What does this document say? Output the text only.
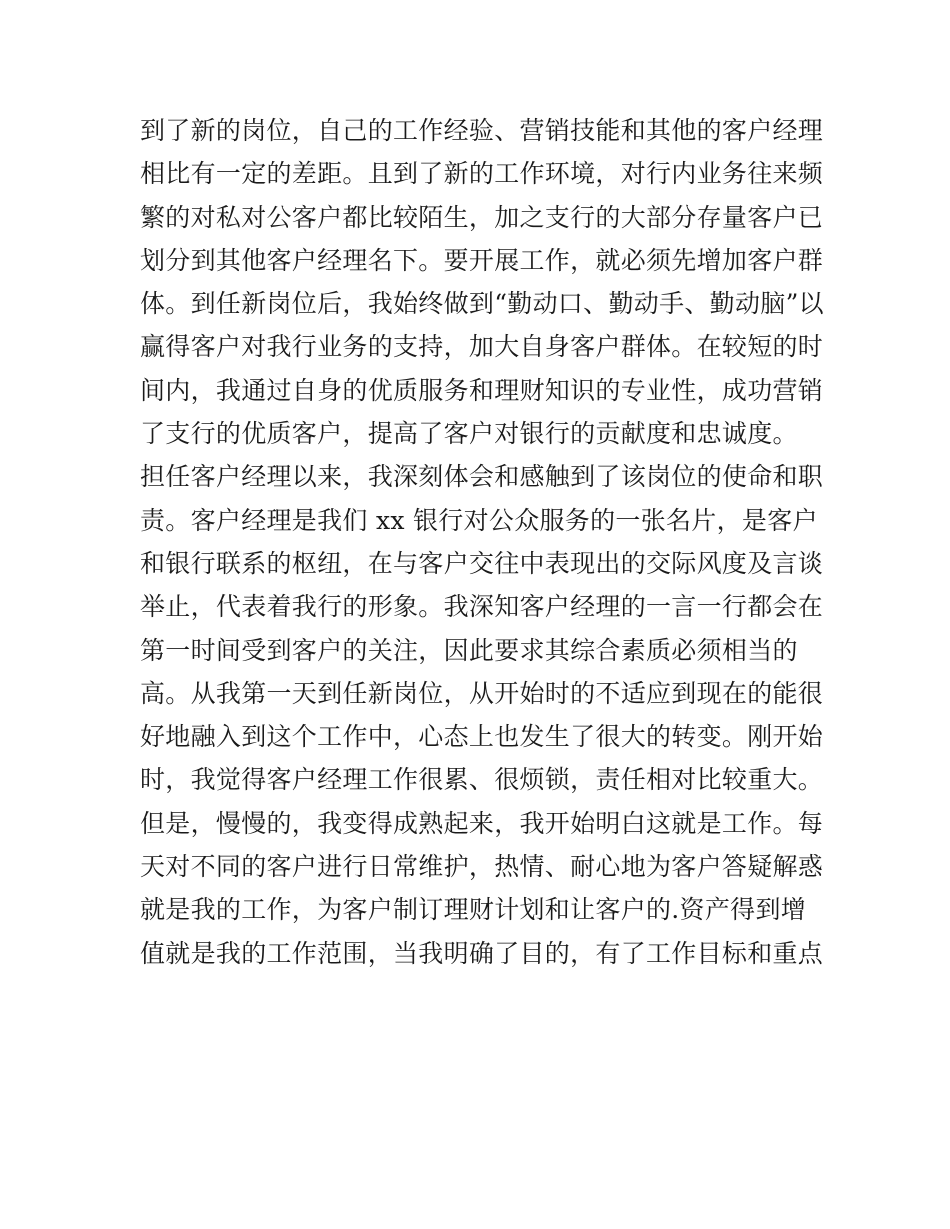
到了新的岗位，自己的工作经验、营销技能和其他的客户经理
相比有一定的差距。且到了新的工作环境，对行内业务往来频
繁的对私对公客户都比较陌生，加之支行的大部分存量客户已
划分到其他客户经理名下。要开展工作，就必须先增加客户群
体。到任新岗位后，我始终做到“勤动口、勤动手、勤动脑”以
赢得客户对我行业务的支持，加大自身客户群体。在较短的时
间内，我通过自身的优质服务和理财知识的专业性，成功营销
了支行的优质客户，提高了客户对银行的贡献度和忠诚度。
担任客户经理以来，我深刻体会和感触到了该岗位的使命和职
责。客户经理是我们 xx 银行对公众服务的一张名片，是客户
和银行联系的枢纽，在与客户交往中表现出的交际风度及言谈
举止，代表着我行的形象。我深知客户经理的一言一行都会在
第一时间受到客户的关注，因此要求其综合素质必须相当的
高。从我第一天到任新岗位，从开始时的不适应到现在的能很
好地融入到这个工作中，心态上也发生了很大的转变。刚开始
时，我觉得客户经理工作很累、很烦锁，责任相对比较重大。
但是，慢慢的，我变得成熟起来，我开始明白这就是工作。每
天对不同的客户进行日常维护，热情、耐心地为客户答疑解惑
就是我的工作，为客户制订理财计划和让客户的.资产得到增
值就是我的工作范围，当我明确了目的，有了工作目标和重点
